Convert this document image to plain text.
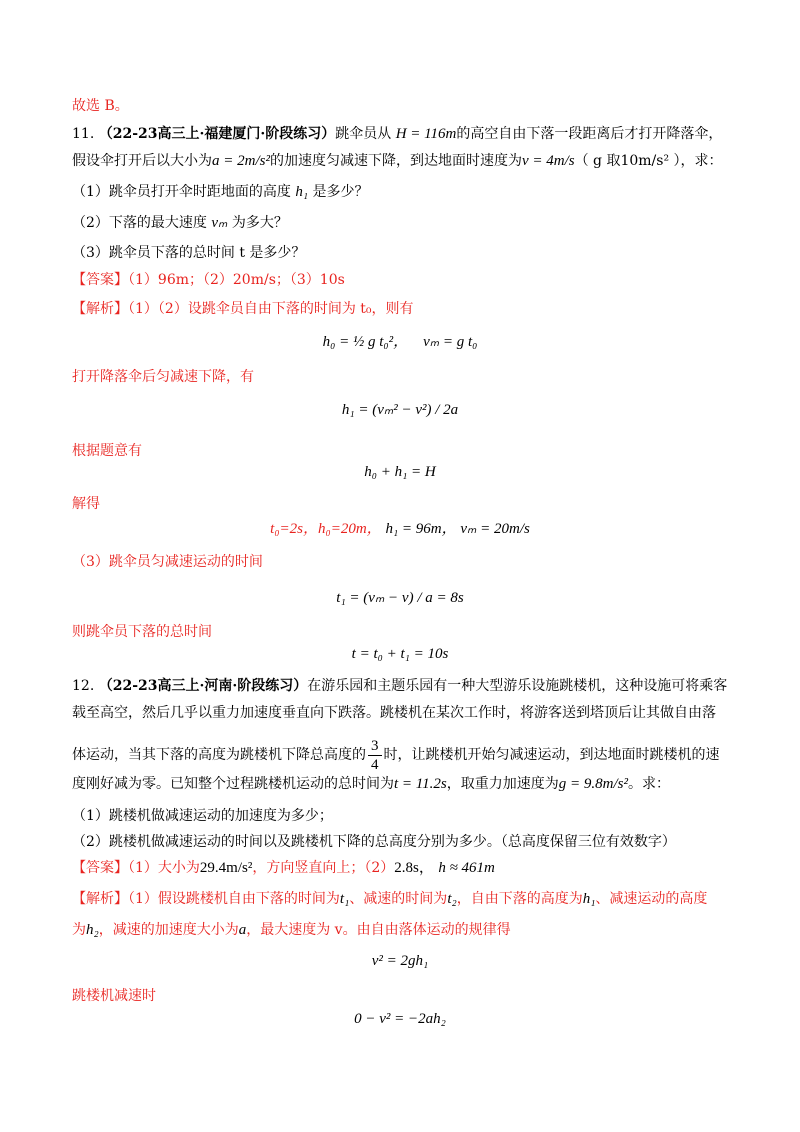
故选 B。
11. （22-23高三上·福建厦门·阶段练习）跳伞员从 H = 116m的高空自由下落一段距离后才打开降落伞，
假设伞打开后以大小为a = 2m/s²的加速度匀减速下降，到达地面时速度为v = 4m/s（ g 取10m/s² ），求：
（1）跳伞员打开伞时距地面的高度 h₁ 是多少？
（2）下落的最大速度 vₘ 为多大？
（3）跳伞员下落的总时间 t 是多少？
【答案】（1）96m；（2）20m/s；（3）10s
【解析】（1）（2）设跳伞员自由下落的时间为 t₀，则有
h₀ = ½ g t₀²， vₘ = g t₀
打开降落伞后匀减速下降，有
h₁ = (vₘ² − v²) / 2a
根据题意有
h₀ + h₁ = H
解得
t₀=2s，h₀=20m， h₁ = 96m， vₘ = 20m/s
（3）跳伞员匀减速运动的时间
t₁ = (vₘ − v) / a = 8s
则跳伞员下落的总时间
t = t₀ + t₁ = 10s
12. （22-23高三上·河南·阶段练习）在游乐园和主题乐园有一种大型游乐设施跳楼机，这种设施可将乘客
载至高空，然后几乎以重力加速度垂直向下跌落。跳楼机在某次工作时，将游客送到塔顶后让其做自由落
体运动，当其下落的高度为跳楼机下降总高度的 $\frac{3}{4}$ 时，让跳楼机开始匀减速运动，到达地面时跳楼机的速
度刚好减为零。已知整个过程跳楼机运动的总时间为t = 11.2s，取重力加速度为g = 9.8m/s²。求：
（1）跳楼机做减速运动的加速度为多少；
（2）跳楼机做减速运动的时间以及跳楼机下降的总高度分别为多少。（总高度保留三位有效数字）
【答案】（1）大小为29.4m/s²，方向竖直向上；（2）2.8s， h ≈ 461m
【解析】（1）假设跳楼机自由下落的时间为t₁、减速的时间为t₂，自由下落的高度为h₁、减速运动的高度
为h₂，减速的加速度大小为a，最大速度为 v。由自由落体运动的规律得
v² = 2gh₁
跳楼机减速时
0 − v² = −2ah₂
